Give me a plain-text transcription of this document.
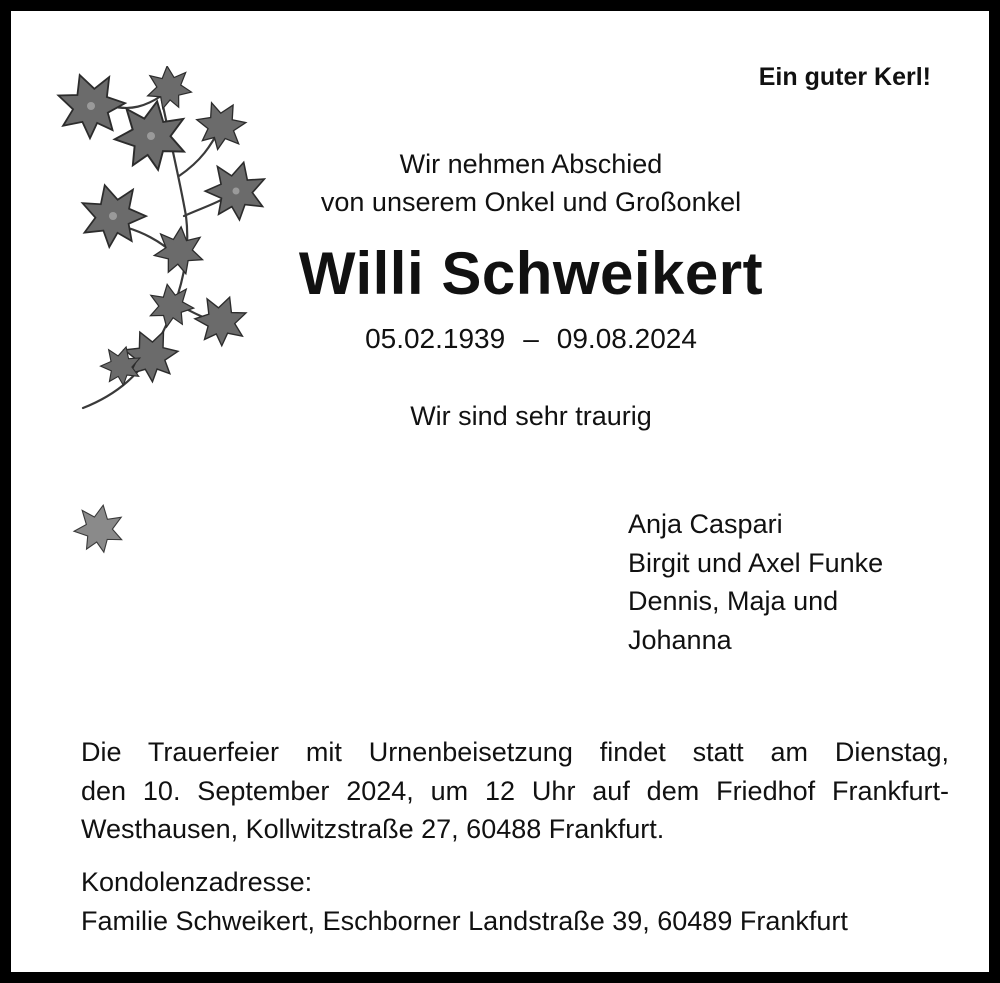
Ein guter Kerl!
Wir nehmen Abschied
von unserem Onkel und Großonkel
Willi Schweikert
05.02.1939 – 09.08.2024
Wir sind sehr traurig
Anja Caspari
Birgit und Axel Funke
Dennis, Maja und
Johanna
Die Trauerfeier mit Urnenbeisetzung findet statt am Dienstag,
den 10. September 2024, um 12 Uhr auf dem Friedhof Frankfurt-
Westhausen, Kollwitzstraße 27, 60488 Frankfurt.
Kondolenzadresse:
Familie Schweikert, Eschborner Landstraße 39, 60489 Frankfurt
